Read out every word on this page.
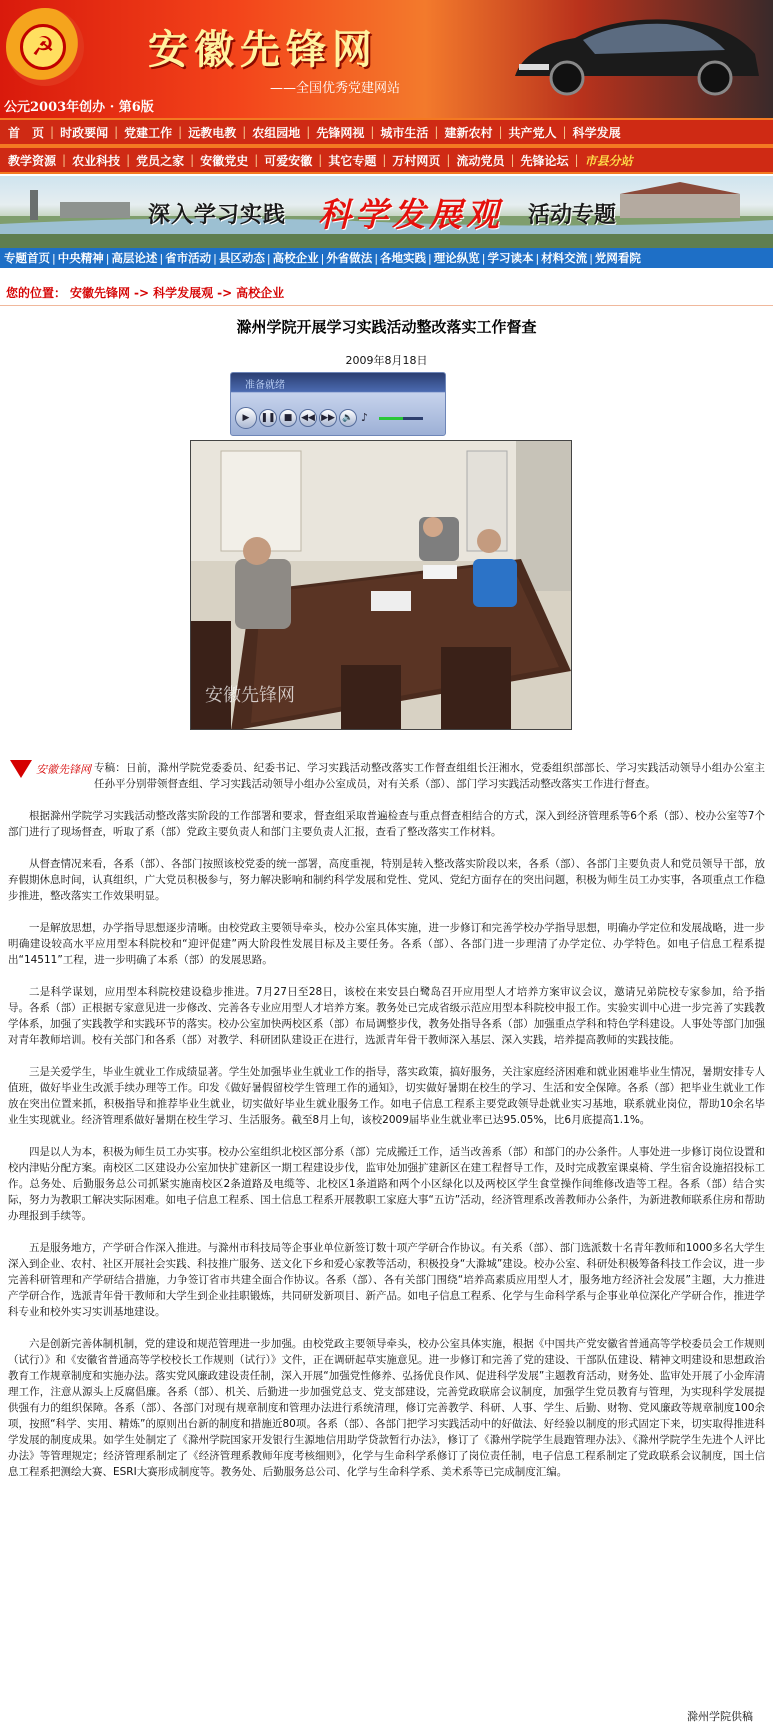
☭ 安徽先锋网
——全国优秀党建网站
公元2003年创办 · 第6版
首　页 | 时政要闻 | 党建工作 | 远教电教 | 农组园地 | 先锋网视 | 城市生活 | 建新农村 | 共产党人 | 科学发展
教学资源 | 农业科技 | 党员之家 | 安徽党史 | 可爱安徽 | 其它专题 | 万村网页 | 流动党员 | 先锋论坛 | 市县分站
深入学习实践 科学发展观 活动专题
专题首页 | 中央精神 | 高层论述 | 省市活动 | 县区动态 | 高校企业 | 外省做法 | 各地实践 | 理论纵览 | 学习读本 | 材料交流 | 党网看院
您的位置： 安徽先锋网 -> 科学发展观 -> 高校企业
滁州学院开展学习实践活动整改落实工作督查
2009年8月18日
准备就绪
▶	❚❚ ■ ◀◀ ▶▶ 🔈 ♪
安徽先锋网
安徽先锋网 专稿：日前，滁州学院党委委员、纪委书记、学习实践活动整改落实工作督查组组长汪湘水，党委组织部部长、学习实践活动领导小组办公室主任孙平分别带领督查组、学习实践活动领导小组办公室成员，对有关系（部）、部门学习实践活动整改落实工作进行督查。

根据滁州学院学习实践活动整改落实阶段的工作部署和要求，督查组采取普遍检查与重点督查相结合的方式，深入到经济管理系等6个系（部）、校办公室等7个部门进行了现场督查，听取了系（部）党政主要负责人和部门主要负责人汇报，查看了整改落实工作材料。

从督查情况来看，各系（部）、各部门按照该校党委的统一部署，高度重视，特别是转入整改落实阶段以来，各系（部）、各部门主要负责人和党员领导干部，放弃假期休息时间，认真组织，广大党员积极参与，努力解决影响和制约科学发展和党性、党风、党纪方面存在的突出问题，积极为师生员工办实事，各项重点工作稳步推进，整改落实工作效果明显。

一是解放思想，办学指导思想逐步清晰。由校党政主要领导牵头，校办公室具体实施，进一步修订和完善学校办学指导思想，明确办学定位和发展战略，进一步明确建设较高水平应用型本科院校和“迎评促建”两大阶段性发展目标及主要任务。各系（部）、各部门进一步理清了办学定位、办学特色。如电子信息工程系提出“14511”工程，进一步明确了本系（部）的发展思路。

二是科学谋划，应用型本科院校建设稳步推进。7月27日至28日，该校在来安县白鹭岛召开应用型人才培养方案审议会议，邀请兄弟院校专家参加，给予指导。各系（部）正根据专家意见进一步修改、完善各专业应用型人才培养方案。教务处已完成省级示范应用型本科院校申报工作。实验实训中心进一步完善了实践教学体系，加强了实践教学和实践环节的落实。校办公室加快两校区系（部）布局调整步伐，教务处指导各系（部）加强重点学科和特色学科建设。人事处等部门加强对青年教师培训。校有关部门和各系（部）对教学、科研团队建设正在进行，选派青年骨干教师深入基层、深入实践，培养提高教师的实践技能。

三是关爱学生，毕业生就业工作成绩显著。学生处加强毕业生就业工作的指导，落实政策，搞好服务，关注家庭经济困难和就业困难毕业生情况，暑期安排专人值班，做好毕业生改派手续办理等工作。印发《做好暑假留校学生管理工作的通知》，切实做好暑期在校生的学习、生活和安全保障。各系（部）把毕业生就业工作放在突出位置来抓，积极指导和推荐毕业生就业，切实做好毕业生就业服务工作。如电子信息工程系主要党政领导赴就业实习基地，联系就业岗位，帮助10余名毕业生实现就业。经济管理系做好暑期在校生学习、生活服务。截至8月上旬，该校2009届毕业生就业率已达95.05%，比6月底提高1.1%。

四是以人为本，积极为师生员工办实事。校办公室组织北校区部分系（部）完成搬迁工作，适当改善系（部）和部门的办公条件。人事处进一步修订岗位设置和校内津贴分配方案。南校区二区建设办公室加快扩建新区一期工程建设步伐，监审处加强扩建新区在建工程督导工作，及时完成教室课桌椅、学生宿舍设施招投标工作。总务处、后勤服务总公司抓紧实施南校区2条道路及电缆等、北校区1条道路和两个小区绿化以及两校区学生食堂操作间维修改造等工程。各系（部）结合实际，努力为教职工解决实际困难。如电子信息工程系、国土信息工程系开展教职工家庭大事“五访”活动，经济管理系改善教师办公条件，为新进教师联系住房和帮助办理报到手续等。

五是服务地方，产学研合作深入推进。与滁州市科技局等企事业单位新签订数十项产学研合作协议。有关系（部）、部门选派数十名青年教师和1000多名大学生深入到企业、农村、社区开展社会实践、科技推广服务、送文化下乡和爱心家教等活动，积极投身“大滁城”建设。校办公室、科研处积极筹备科技工作会议，进一步完善科研管理和产学研结合措施，力争签订省市共建全面合作协议。各系（部）、各有关部门围绕“培养高素质应用型人才，服务地方经济社会发展”主题，大力推进产学研合作，选派青年骨干教师和大学生到企业挂职锻炼，共同研发新项目、新产品。如电子信息工程系、化学与生命科学系与企事业单位深化产学研合作，推进学科专业和校外实习实训基地建设。

六是创新完善体制机制，党的建设和规范管理进一步加强。由校党政主要领导牵头，校办公室具体实施，根据《中国共产党安徽省普通高等学校委员会工作规则（试行）》和《安徽省普通高等学校校长工作规则（试行）》文件，正在调研起草实施意见。进一步修订和完善了党的建设、干部队伍建设、精神文明建设和思想政治教育工作规章制度和实施办法。落实党风廉政建设责任制，深入开展“加强党性修养、弘扬优良作风、促进科学发展”主题教育活动，财务处、监审处开展了小金库清理工作，注意从源头上反腐倡廉。各系（部）、机关、后勤进一步加强党总支、党支部建设，完善党政联席会议制度，加强学生党员教育与管理，为实现科学发展提供强有力的组织保障。各系（部）、各部门对现有规章制度和管理办法进行系统清理，修订完善教学、科研、人事、学生、后勤、财物、党风廉政等规章制度100余项，按照“科学、实用、精炼”的原则出台新的制度和措施近80项。各系（部）、各部门把学习实践活动中的好做法、好经验以制度的形式固定下来，切实取得推进科学发展的制度成果。如学生处制定了《滁州学院国家开发银行生源地信用助学贷款暂行办法》，修订了《滁州学院学生晨跑管理办法》、《滁州学院学生先进个人评比办法》等管理规定；经济管理系制定了《经济管理系教师年度考核细则》，化学与生命科学系修订了岗位责任制，电子信息工程系制定了党政联系会议制度，国土信息工程系把测绘大赛、ESRI大赛形成制度等。教务处、后勤服务总公司、化学与生命科学系、美术系等已完成制度汇编。

滁州学院供稿
